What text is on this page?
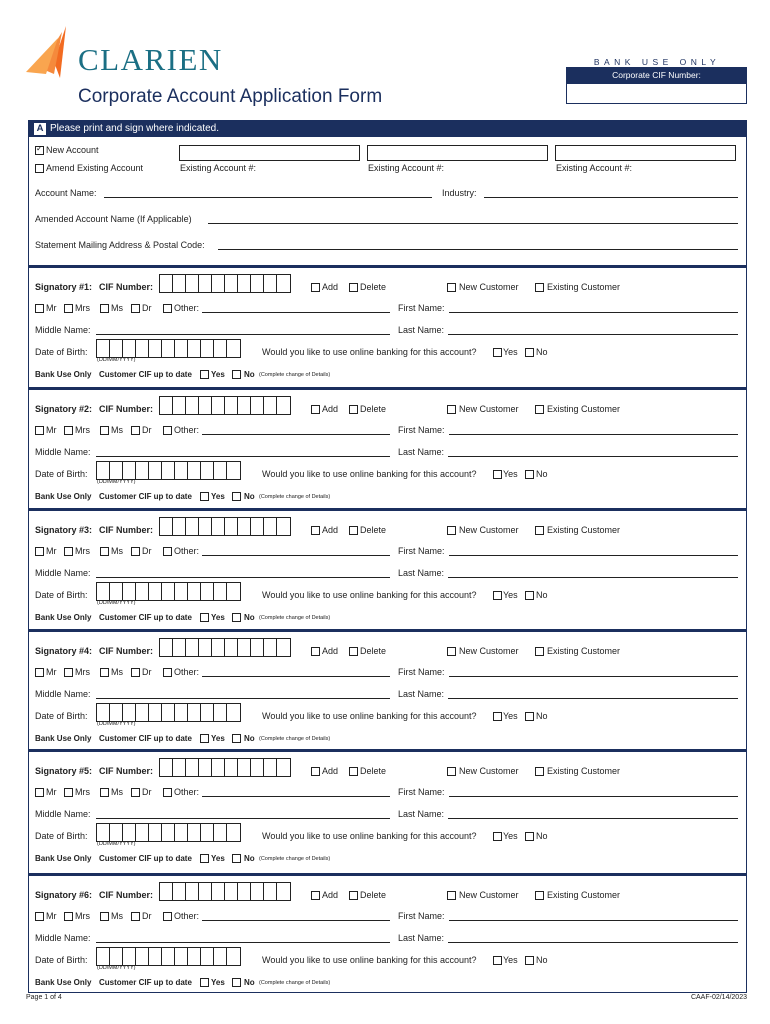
CLARIEN
Corporate Account Application Form
BANK USE ONLY
Corporate CIF Number:
A Please print and sign where indicated.
✓
New Account
Amend Existing Account	Existing Account #:	Existing Account #:	Existing Account #:
Account Name:	Industry:
Amended Account Name (If Applicable)
Statement Mailing Address & Postal Code:
Signatory #1: CIF Number:	Add Delete	New Customer	Existing Customer
Mr Mrs Ms Dr	Other:	First Name:
Middle Name:	Last Name:
Date of Birth:
(DD/MM/YYYY)
Would you like to use online banking for this account?	Yes No
Bank Use Only Customer CIF up to date Yes No (Complete change of Details)
Signatory #2: CIF Number:	Add Delete	New Customer	Existing Customer
Mr Mrs Ms Dr	Other:	First Name:
Middle Name:	Last Name:
Date of Birth:
(DD/MM/YYYY)
Would you like to use online banking for this account?	Yes No
Bank Use Only Customer CIF up to date Yes No (Complete change of Details)
Signatory #3: CIF Number:	Add Delete	New Customer	Existing Customer
Mr Mrs Ms Dr	Other:	First Name:
Middle Name:	Last Name:
Date of Birth:
(DD/MM/YYYY)
Would you like to use online banking for this account?	Yes No
Bank Use Only Customer CIF up to date Yes No (Complete change of Details)
Signatory #4: CIF Number:	Add Delete	New Customer	Existing Customer
Mr Mrs Ms Dr	Other:	First Name:
Middle Name:	Last Name:
Date of Birth:
(DD/MM/YYYY)
Would you like to use online banking for this account?	Yes No
Bank Use Only Customer CIF up to date Yes No (Complete change of Details)
Signatory #5: CIF Number:	Add Delete	New Customer	Existing Customer
Mr Mrs Ms Dr	Other:	First Name:
Middle Name:	Last Name:
Date of Birth:
(DD/MM/YYYY)
Would you like to use online banking for this account?	Yes No
Bank Use Only Customer CIF up to date Yes No (Complete change of Details)
Signatory #6: CIF Number:	Add Delete	New Customer	Existing Customer
Mr Mrs Ms Dr	Other:	First Name:
Middle Name:	Last Name:
Date of Birth:
(DD/MM/YYYY)
Would you like to use online banking for this account?	Yes No
Bank Use Only Customer CIF up to date Yes No (Complete change of Details)
Page 1 of 4	CAAF-02/14/2023
